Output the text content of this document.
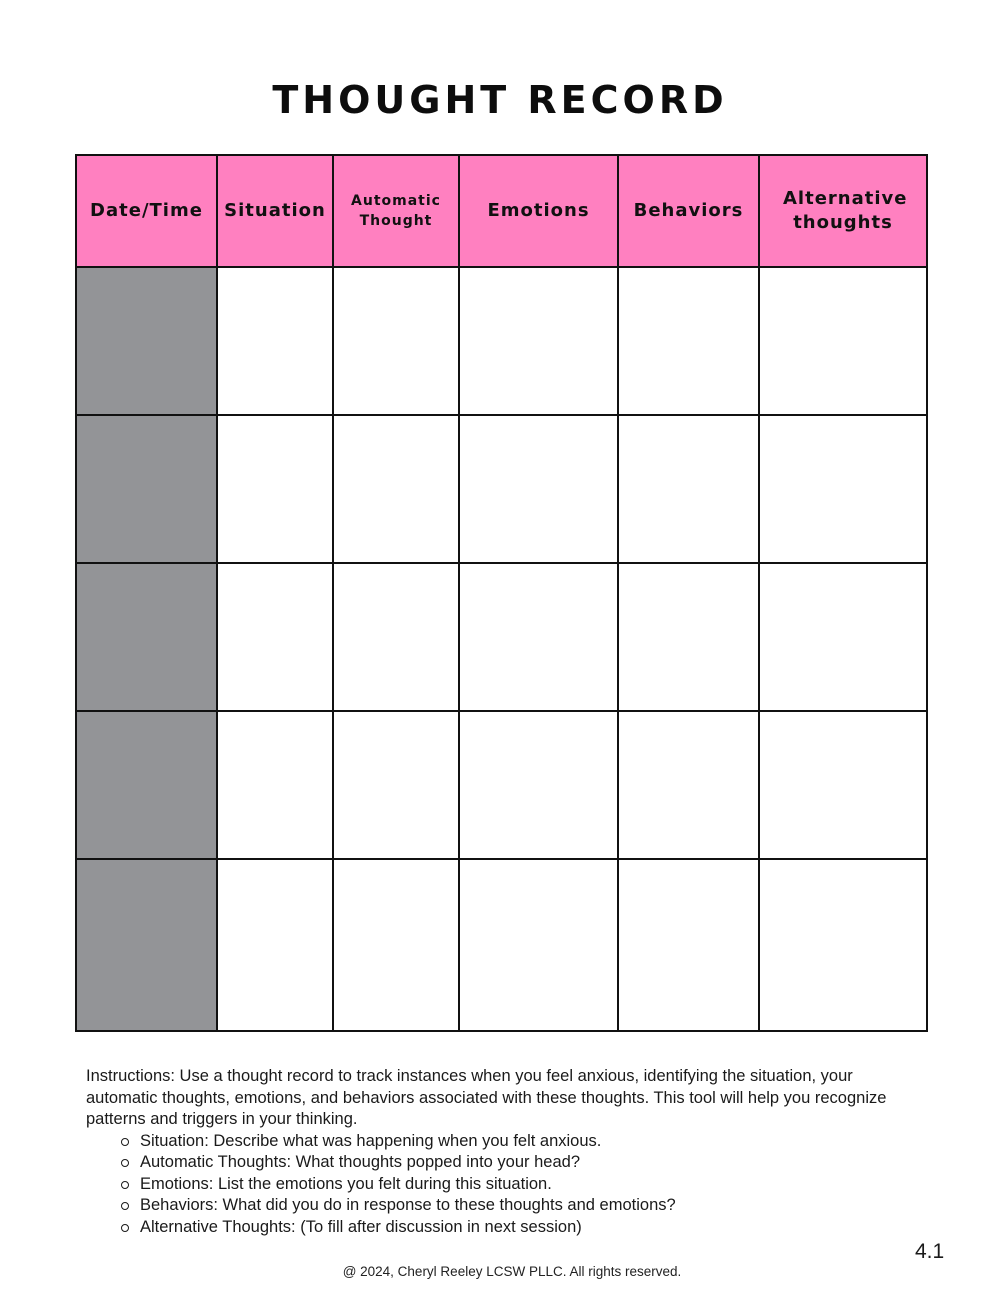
THOUGHT RECORD
Date/Time	Situation	Automatic Thought	Emotions	Behaviors	Alternative thoughts

Instructions: Use a thought record to track instances when you feel anxious, identifying the situation, your automatic thoughts, emotions, and behaviors associated with these thoughts. This tool will help you recognize patterns and triggers in your thinking.
Situation: Describe what was happening when you felt anxious.
Automatic Thoughts: What thoughts popped into your head?
Emotions: List the emotions you felt during this situation.
Behaviors: What did you do in response to these thoughts and emotions?
Alternative Thoughts: (To fill after discussion in next session)
4.1
@ 2024, Cheryl Reeley LCSW PLLC. All rights reserved.
